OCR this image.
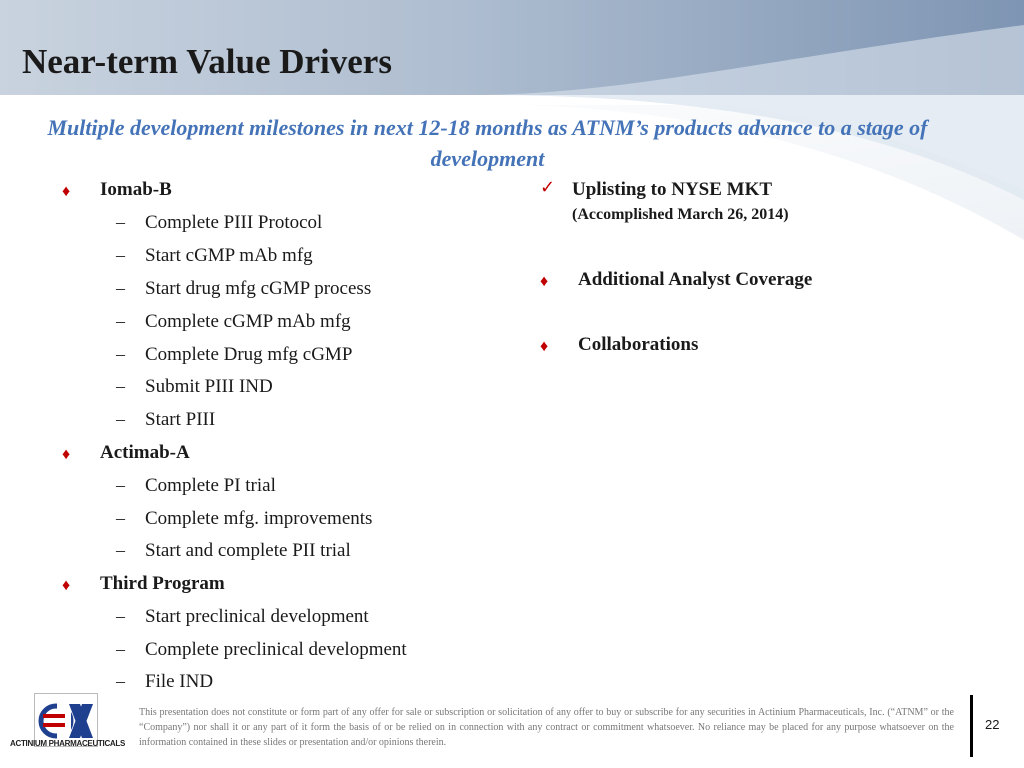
Near-term Value Drivers
Multiple development milestones in next 12-18 months as ATNM’s products advance to a stage of development
♦ Iomab-B
– Complete PIII Protocol
– Start cGMP mAb mfg
– Start drug mfg cGMP process
– Complete cGMP mAb mfg
– Complete Drug mfg cGMP
– Submit PIII IND
– Start PIII
♦ Actimab-A
– Complete PI trial
– Complete mfg. improvements
– Start and complete PII trial
♦ Third Program
– Start preclinical development
– Complete preclinical development
– File IND
✓ Uplisting to NYSE MKT
(Accomplished March 26, 2014)
♦ Additional Analyst Coverage
♦ Collaborations
ACTINIUM PHARMACEUTICALS
This presentation does not constitute or form part of any offer for sale or subscription or solicitation of any offer to buy or subscribe for any securities in Actinium Pharmaceuticals, Inc. (“ATNM” or the “Company”) nor shall it or any part of it form the basis of or be relied on in connection with any contract or commitment whatsoever. No reliance may be placed for any purpose whatsoever on the information contained in these slides or presentation and/or opinions therein.
22
